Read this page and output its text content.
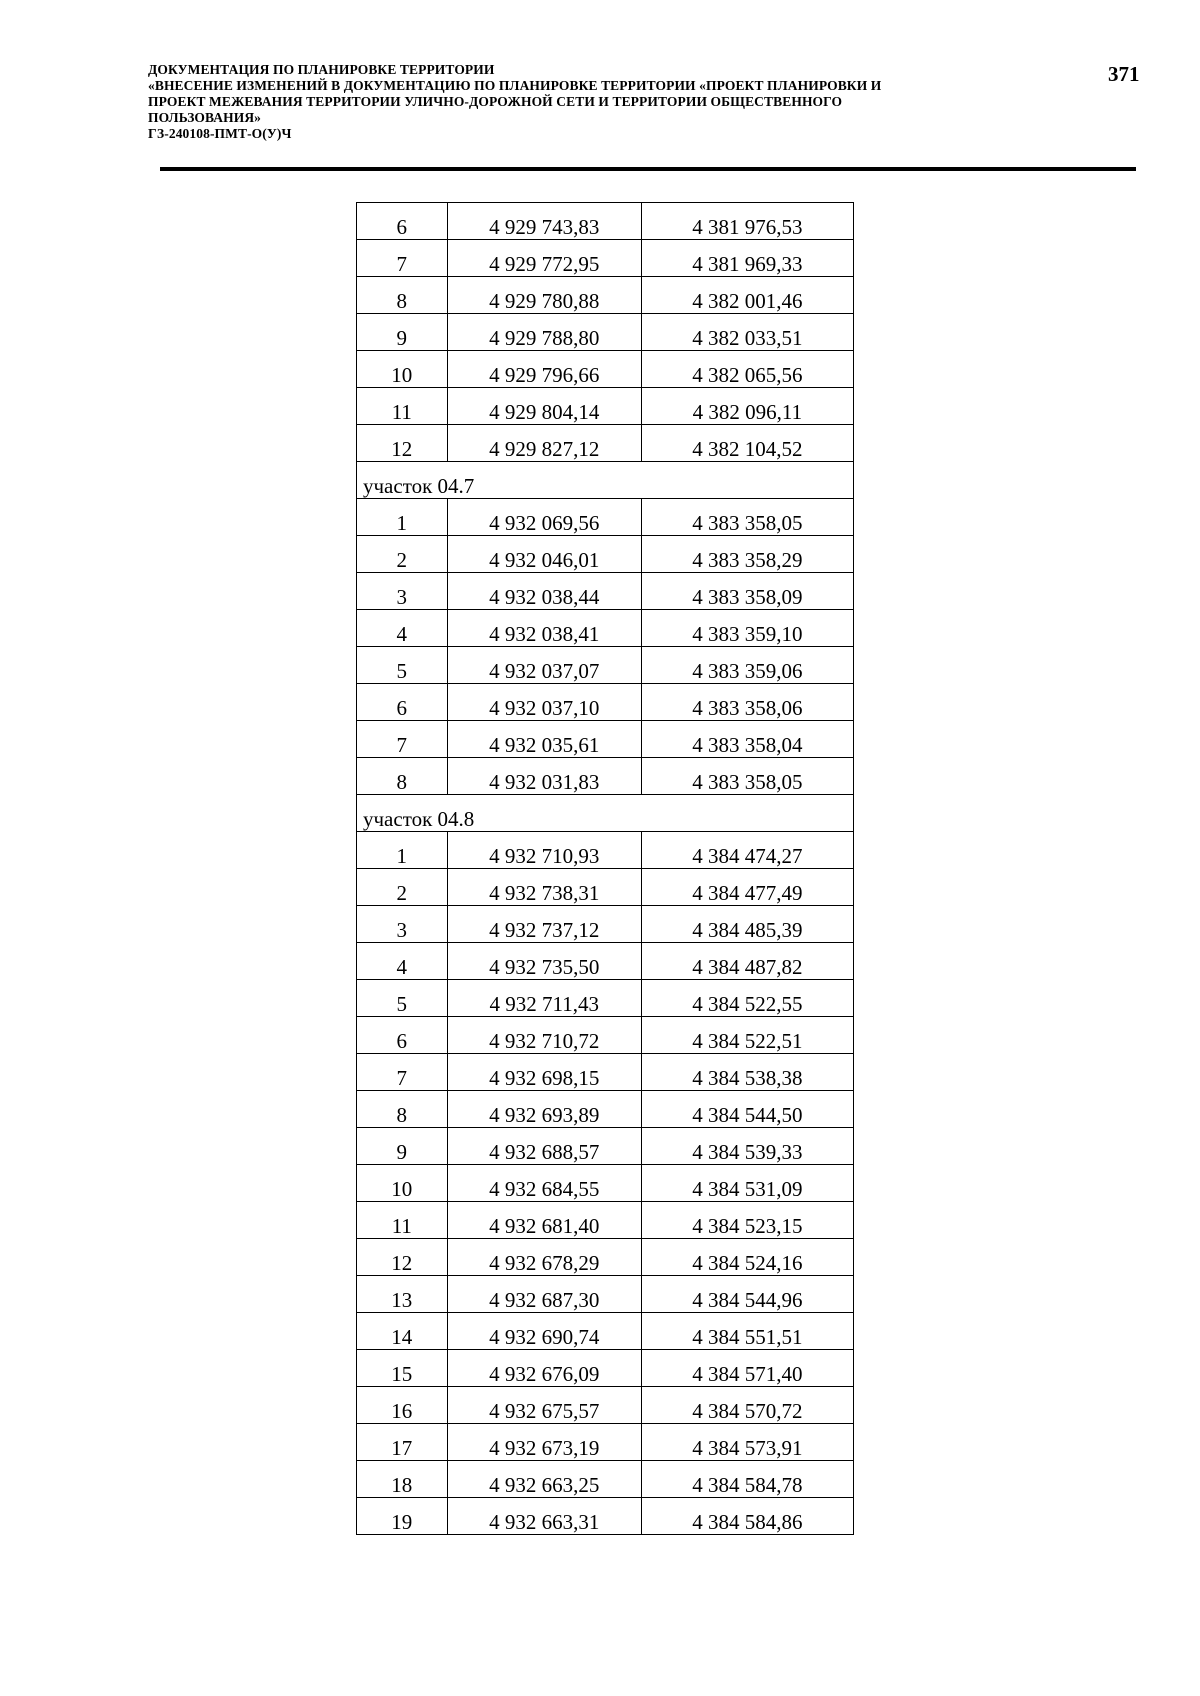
ДОКУМЕНТАЦИЯ ПО ПЛАНИРОВКЕ ТЕРРИТОРИИ
«ВНЕСЕНИЕ ИЗМЕНЕНИЙ В ДОКУМЕНТАЦИЮ ПО ПЛАНИРОВКЕ ТЕРРИТОРИИ «ПРОЕКТ ПЛАНИРОВКИ И
ПРОЕКТ МЕЖЕВАНИЯ ТЕРРИТОРИИ УЛИЧНО-ДОРОЖНОЙ СЕТИ И ТЕРРИТОРИИ ОБЩЕСТВЕННОГО
ПОЛЬЗОВАНИЯ»
ГЗ-240108-ПМТ-О(У)Ч
371
6	4 929 743,83	4 381 976,53
7	4 929 772,95	4 381 969,33
8	4 929 780,88	4 382 001,46
9	4 929 788,80	4 382 033,51
10	4 929 796,66	4 382 065,56
11	4 929 804,14	4 382 096,11
12	4 929 827,12	4 382 104,52
участок 04.7		
1	4 932 069,56	4 383 358,05
2	4 932 046,01	4 383 358,29
3	4 932 038,44	4 383 358,09
4	4 932 038,41	4 383 359,10
5	4 932 037,07	4 383 359,06
6	4 932 037,10	4 383 358,06
7	4 932 035,61	4 383 358,04
8	4 932 031,83	4 383 358,05
участок 04.8		
1	4 932 710,93	4 384 474,27
2	4 932 738,31	4 384 477,49
3	4 932 737,12	4 384 485,39
4	4 932 735,50	4 384 487,82
5	4 932 711,43	4 384 522,55
6	4 932 710,72	4 384 522,51
7	4 932 698,15	4 384 538,38
8	4 932 693,89	4 384 544,50
9	4 932 688,57	4 384 539,33
10	4 932 684,55	4 384 531,09
11	4 932 681,40	4 384 523,15
12	4 932 678,29	4 384 524,16
13	4 932 687,30	4 384 544,96
14	4 932 690,74	4 384 551,51
15	4 932 676,09	4 384 571,40
16	4 932 675,57	4 384 570,72
17	4 932 673,19	4 384 573,91
18	4 932 663,25	4 384 584,78
19	4 932 663,31	4 384 584,86
